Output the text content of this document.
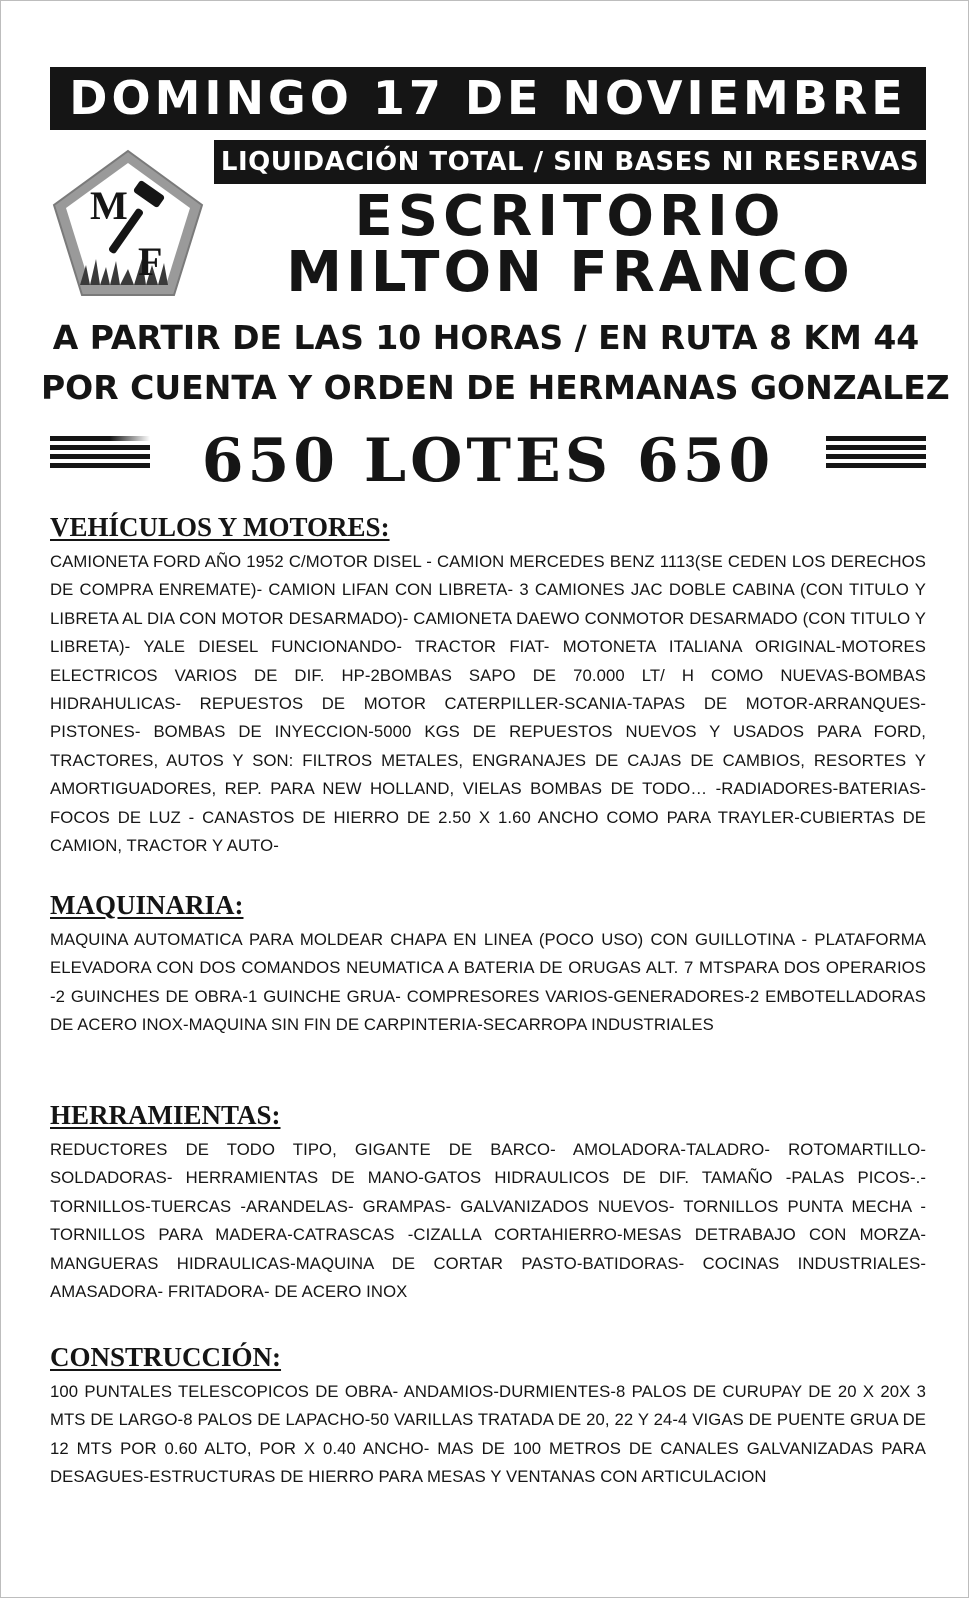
DOMINGO 17 DE NOVIEMBRE
LIQUIDACIÓN TOTAL / SIN BASES NI RESERVAS
M
F
ESCRITORIO
MILTON FRANCO
A PARTIR DE LAS 10 HORAS / EN RUTA 8 KM 44
POR CUENTA Y ORDEN DE HERMANAS GONZALEZ
650 LOTES 650
VEHÍCULOS Y MOTORES:

CAMIONETA FORD AÑO 1952 C/MOTOR DISEL - CAMION MERCEDES BENZ 1113(SE CEDEN LOS DERECHOS DE COMPRA ENREMATE)- CAMION LIFAN CON LIBRETA- 3 CAMIONES JAC DOBLE CABINA (CON TITULO Y LIBRETA AL DIA CON MOTOR DESARMADO)- CAMIONETA DAEWO CONMOTOR DESARMADO (CON TITULO Y LIBRETA)- YALE DIESEL FUNCIONANDO- TRACTOR FIAT- MOTONETA ITALIANA ORIGINAL-MOTORES ELECTRICOS VARIOS DE DIF. HP-2BOMBAS SAPO DE 70.000 LT/ H COMO NUEVAS-BOMBAS HIDRAHULICAS- REPUESTOS DE MOTOR CATERPILLER-SCANIA-TAPAS DE MOTOR-ARRANQUES-PISTONES- BOMBAS DE INYECCION-5000 KGS DE REPUESTOS NUEVOS Y USADOS PARA FORD, TRACTORES, AUTOS Y SON: FILTROS METALES, ENGRANAJES DE CAJAS DE CAMBIOS, RESORTES Y AMORTIGUADORES, REP. PARA NEW HOLLAND, VIELAS BOMBAS DE TODO… -RADIADORES-BATERIAS- FOCOS DE LUZ - CANASTOS DE HIERRO DE 2.50 X 1.60 ANCHO COMO PARA TRAYLER-CUBIERTAS DE CAMION, TRACTOR Y AUTO-

MAQUINARIA:

MAQUINA AUTOMATICA PARA MOLDEAR CHAPA EN LINEA (POCO USO) CON GUILLOTINA - PLATAFORMA ELEVADORA CON DOS COMANDOS NEUMATICA A BATERIA DE ORUGAS ALT. 7 MTSPARA DOS OPERARIOS -2 GUINCHES DE OBRA-1 GUINCHE GRUA- COMPRESORES VARIOS-GENERADORES-2 EMBOTELLADORAS DE ACERO INOX-MAQUINA SIN FIN DE CARPINTERIA-SECARROPA INDUSTRIALES

HERRAMIENTAS:

REDUCTORES DE TODO TIPO, GIGANTE DE BARCO- AMOLADORA-TALADRO- ROTOMARTILLO-SOLDADORAS- HERRAMIENTAS DE MANO-GATOS HIDRAULICOS DE DIF. TAMAÑO -PALAS PICOS-.- TORNILLOS-TUERCAS -ARANDELAS- GRAMPAS- GALVANIZADOS NUEVOS- TORNILLOS PUNTA MECHA -TORNILLOS PARA MADERA-CATRASCAS -CIZALLA CORTAHIERRO-MESAS DETRABAJO CON MORZA- MANGUERAS HIDRAULICAS-MAQUINA DE CORTAR PASTO-BATIDORAS- COCINAS INDUSTRIALES-AMASADORA- FRITADORA- DE ACERO INOX

CONSTRUCCIÓN:

100 PUNTALES TELESCOPICOS DE OBRA- ANDAMIOS-DURMIENTES-8 PALOS DE CURUPAY DE 20 X 20X 3 MTS DE LARGO-8 PALOS DE LAPACHO-50 VARILLAS TRATADA DE 20, 22 Y 24-4 VIGAS DE PUENTE GRUA DE 12 MTS POR 0.60 ALTO, POR X 0.40 ANCHO- MAS DE 100 METROS DE CANALES GALVANIZADAS PARA DESAGUES-ESTRUCTURAS DE HIERRO PARA MESAS Y VENTANAS CON ARTICULACION
